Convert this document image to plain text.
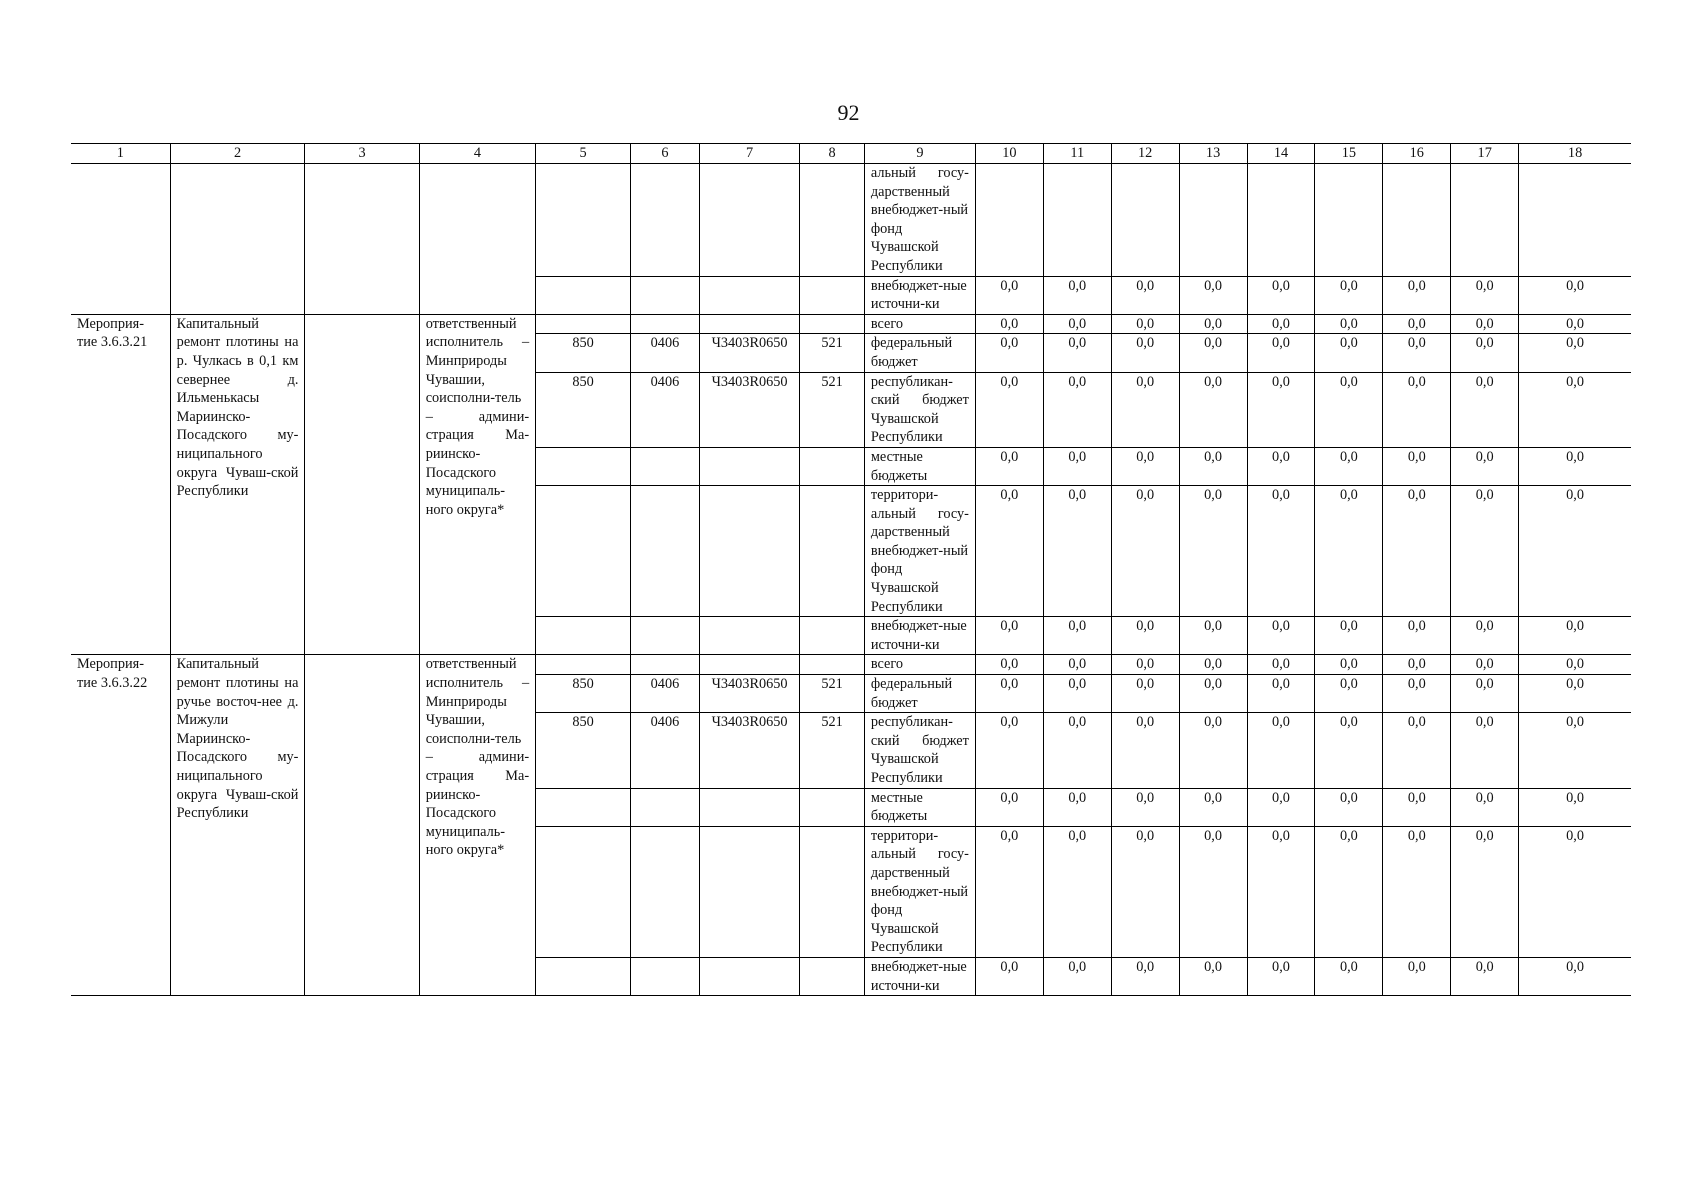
92
1	2	3	4	5	6	7	8	9	10	11	12	13	14	15	16	17	18
								альный госу-дарственный внебюджет-ный фонд Чувашской Республики									
								внебюджет-ные источни-ки	0,0	0,0	0,0	0,0	0,0	0,0	0,0	0,0	0,0
Мероприя-тие 3.6.3.21	Капитальный ремонт плотины на р. Чулкась в 0,1 км севернее д. Ильменькасы Мариинско-Посадского му-ниципального округа Чуваш-ской Республики		ответственный исполнитель – Минприроды Чувашии, соисполни-тель – админи-страция Ма-риинско-Посадского муниципаль-ного округа*					всего	0,0	0,0	0,0	0,0	0,0	0,0	0,0	0,0	0,0
				850	0406	Ч3403R0650	521	федеральный бюджет	0,0	0,0	0,0	0,0	0,0	0,0	0,0	0,0	0,0
				850	0406	Ч3403R0650	521	республикан-ский бюджет Чувашской Республики	0,0	0,0	0,0	0,0	0,0	0,0	0,0	0,0	0,0
								местные бюджеты	0,0	0,0	0,0	0,0	0,0	0,0	0,0	0,0	0,0
								территори-альный госу-дарственный внебюджет-ный фонд Чувашской Республики	0,0	0,0	0,0	0,0	0,0	0,0	0,0	0,0	0,0
								внебюджет-ные источни-ки	0,0	0,0	0,0	0,0	0,0	0,0	0,0	0,0	0,0
Мероприя-тие 3.6.3.22	Капитальный ремонт плотины на ручье восточ-нее д. Мижули Мариинско-Посадского му-ниципального округа Чуваш-ской Республики		ответственный исполнитель – Минприроды Чувашии, соисполни-тель – админи-страция Ма-риинско-Посадского муниципаль-ного округа*					всего	0,0	0,0	0,0	0,0	0,0	0,0	0,0	0,0	0,0
				850	0406	Ч3403R0650	521	федеральный бюджет	0,0	0,0	0,0	0,0	0,0	0,0	0,0	0,0	0,0
				850	0406	Ч3403R0650	521	республикан-ский бюджет Чувашской Республики	0,0	0,0	0,0	0,0	0,0	0,0	0,0	0,0	0,0
								местные бюджеты	0,0	0,0	0,0	0,0	0,0	0,0	0,0	0,0	0,0
								территори-альный госу-дарственный внебюджет-ный фонд Чувашской Республики	0,0	0,0	0,0	0,0	0,0	0,0	0,0	0,0	0,0
								внебюджет-ные источни-ки	0,0	0,0	0,0	0,0	0,0	0,0	0,0	0,0	0,0
